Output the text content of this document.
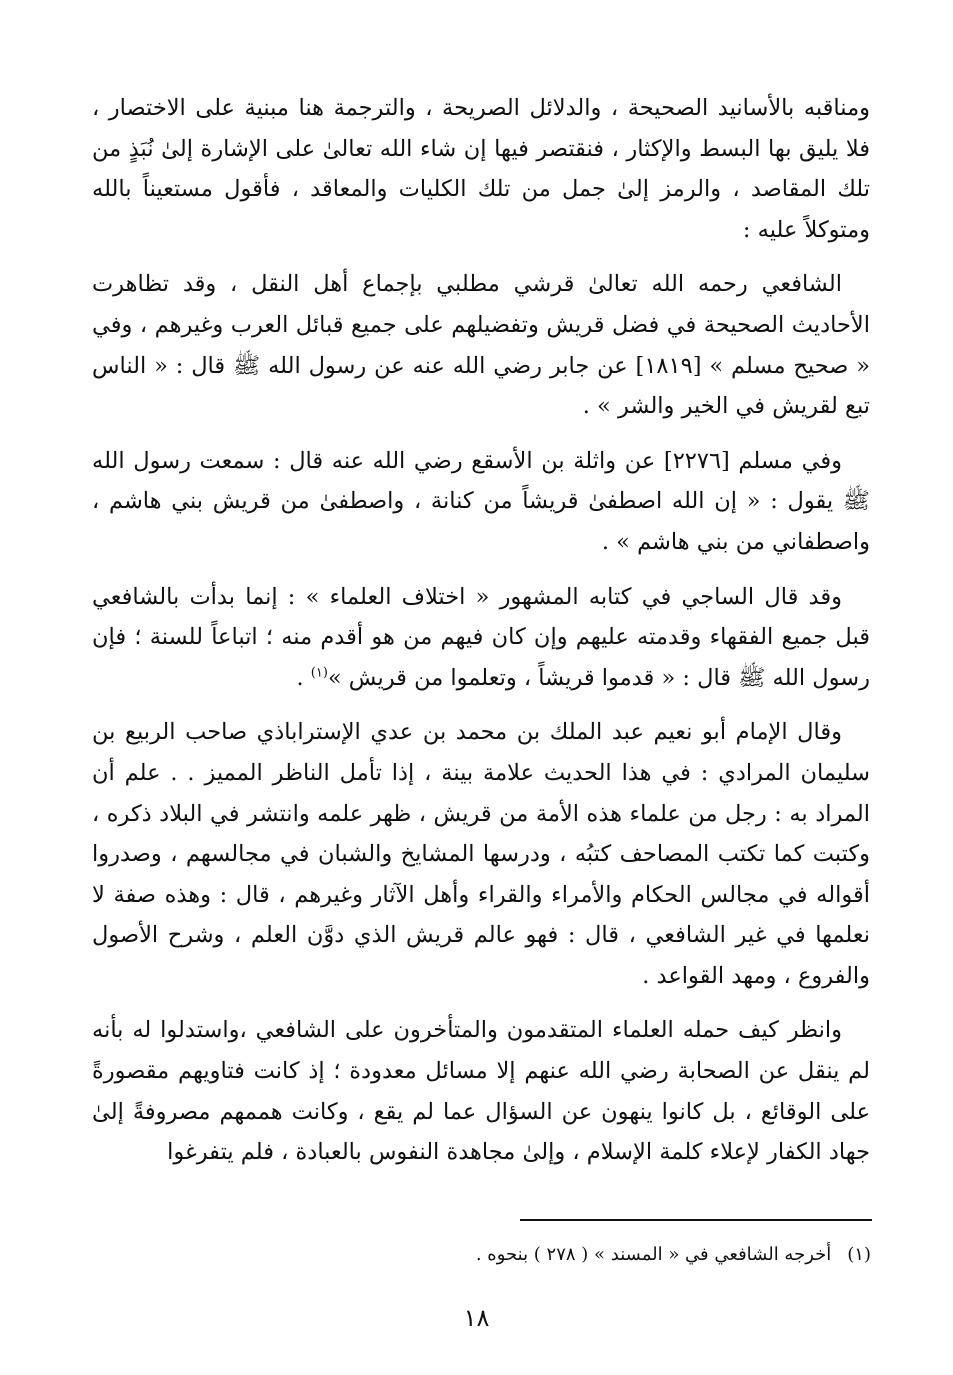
ومناقبه بالأسانيد الصحيحة ، والدلائل الصريحة ، والترجمة هنا مبنية على الاختصار ، فلا يليق بها البسط والإكثار ، فنقتصر فيها إن شاء الله تعالىٰ على الإشارة إلىٰ نُبَذٍ من تلك المقاصد ، والرمز إلىٰ جمل من تلك الكليات والمعاقد ، فأقول مستعيناً بالله ومتوكلاً عليه :

الشافعي رحمه الله تعالىٰ قرشي مطلبي بإجماع أهل النقل ، وقد تظاهرت الأحاديث الصحيحة في فضل قريش وتفضيلهم على جميع قبائل العرب وغيرهم ، وفي « صحيح مسلم » [١٨١٩] عن جابر رضي الله عنه عن رسول الله ﷺ قال : « الناس تبع لقريش في الخير والشر » .

وفي مسلم [٢٢٧٦] عن واثلة بن الأسقع رضي الله عنه قال : سمعت رسول الله ﷺ يقول : « إن الله اصطفىٰ قريشاً من كنانة ، واصطفىٰ من قريش بني هاشم ، واصطفاني من بني هاشم » .

وقد قال الساجي في كتابه المشهور « اختلاف العلماء » : إنما بدأت بالشافعي قبل جميع الفقهاء وقدمته عليهم وإن كان فيهم من هو أقدم منه ؛ اتباعاً للسنة ؛ فإن رسول الله ﷺ قال : « قدموا قريشاً ، وتعلموا من قريش »$^{(١)}$ .

وقال الإمام أبو نعيم عبد الملك بن محمد بن عدي الإستراباذي صاحب الربيع بن سليمان المرادي : في هذا الحديث علامة بينة ، إذا تأمل الناظر المميز . . علم أن المراد به : رجل من علماء هذه الأمة من قريش ، ظهر علمه وانتشر في البلاد ذكره ، وكتبت كما تكتب المصاحف كتبُه ، ودرسها المشايخ والشبان في مجالسهم ، وصدروا أقواله في مجالس الحكام والأمراء والقراء وأهل الآثار وغيرهم ، قال : وهذه صفة لا نعلمها في غير الشافعي ، قال : فهو عالم قريش الذي دوَّن العلم ، وشرح الأصول والفروع ، ومهد القواعد .

وانظر كيف حمله العلماء المتقدمون والمتأخرون على الشافعي ،واستدلوا له بأنه لم ينقل عن الصحابة رضي الله عنهم إلا مسائل معدودة ؛ إذ كانت فتاويهم مقصورةً على الوقائع ، بل كانوا ينهون عن السؤال عما لم يقع ، وكانت هممهم مصروفةً إلىٰ جهاد الكفار لإعلاء كلمة الإسلام ، وإلىٰ مجاهدة النفوس بالعبادة ، فلم يتفرغوا

(١)أخرجه الشافعي في « المسند » ( ٢٧٨ ) بنحوه .
١٨
